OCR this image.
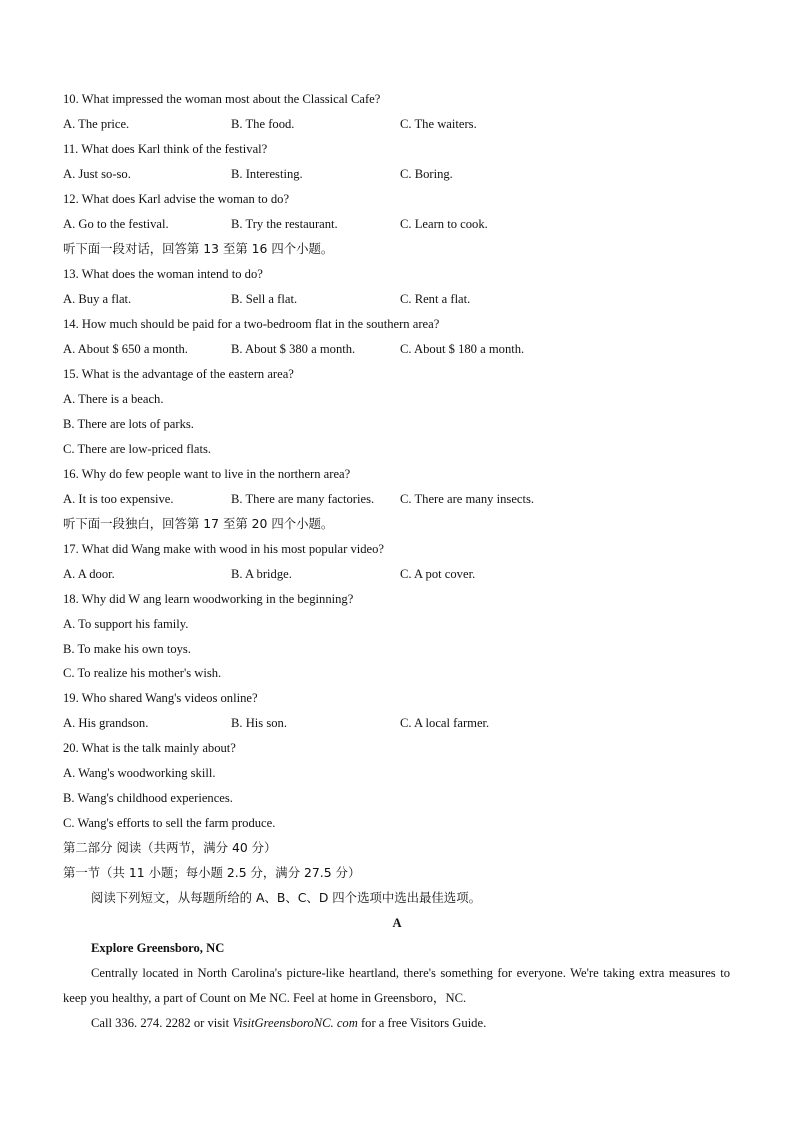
10. What impressed the woman most about the Classical Cafe?
A. The price.	B. The food.	C. The waiters.
11. What does Karl think of the festival?
A. Just so-so.	B. Interesting.	C. Boring.
12. What does Karl advise the woman to do?
A. Go to the festival.	B. Try the restaurant.	C. Learn to cook.
听下面一段对话，回答第 13 至第 16 四个小题。
13. What does the woman intend to do?
A. Buy a flat.	B. Sell a flat.	C. Rent a flat.
14. How much should be paid for a two-bedroom flat in the southern area?
A. About $ 650 a month.	B. About $ 380 a month.	C. About $ 180 a month.
15. What is the advantage of the eastern area?
A. There is a beach.
B. There are lots of parks.
C. There are low-priced flats.
16. Why do few people want to live in the northern area?
A. It is too expensive.	B. There are many factories. C. There are many insects.
听下面一段独白，回答第 17 至第 20 四个小题。
17. What did Wang make with wood in his most popular video?
A. A door.	B. A bridge.	C. A pot cover.
18. Why did W ang learn woodworking in the beginning?
A. To support his family.
B. To make his own toys.
C. To realize his mother's wish.
19. Who shared Wang's videos online?
A. His grandson.	B. His son.	C. A local farmer.
20. What is the talk mainly about?
A. Wang's woodworking skill.
B. Wang's childhood experiences.
C. Wang's efforts to sell the farm produce.
第二部分 阅读（共两节，满分 40 分）
第一节（共 11 小题；每小题 2.5 分，满分 27.5 分）
阅读下列短文，从每题所给的 A、B、C、D 四个选项中选出最佳选项。
A
Explore Greensboro, NC
Centrally located in North Carolina's picture-like heartland, there's something for everyone. We're taking extra measures to keep you healthy, a part of Count on Me NC. Feel at home in Greensboro，NC.
Call 336. 274. 2282 or visit VisitGreensboroNC. com for a free Visitors Guide.
